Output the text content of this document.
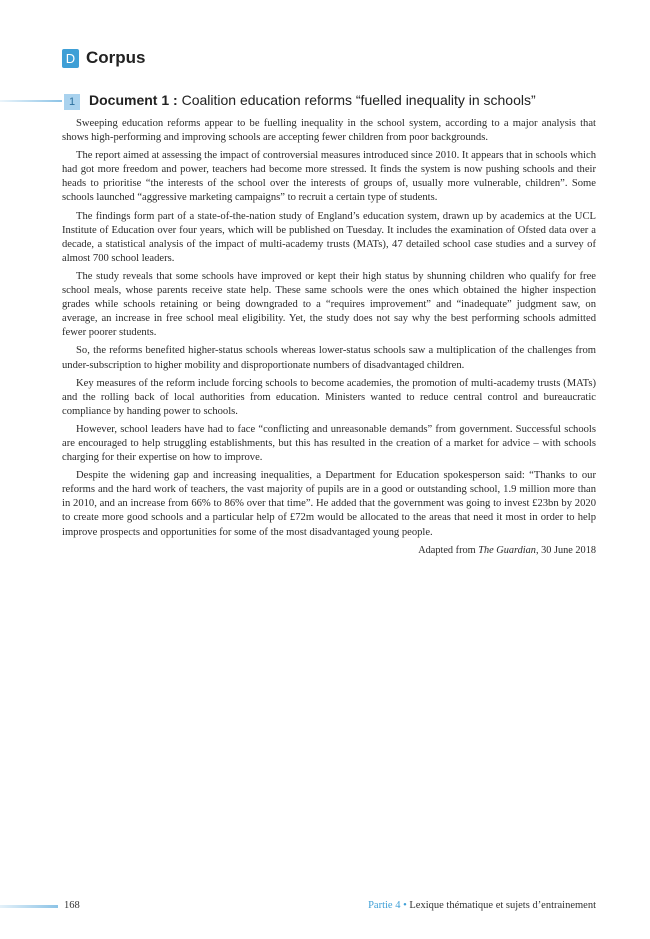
D Corpus
1 Document 1 : Coalition education reforms “fuelled inequality in schools”

Sweeping education reforms appear to be fuelling inequality in the school system, according to a major analysis that shows high-performing and improving schools are accepting fewer children from poor backgrounds.

The report aimed at assessing the impact of controversial measures introduced since 2010. It appears that in schools which had got more freedom and power, teachers had become more stressed. It finds the system is now pushing schools and their heads to prioritise “the interests of the school over the interests of groups of, usually more vulnerable, children”. Some schools launched “aggressive marketing campaigns” to recruit a certain type of students.

The findings form part of a state-of-the-nation study of England’s education system, drawn up by academics at the UCL Institute of Education over four years, which will be published on Tuesday. It includes the examination of Ofsted data over a decade, a statistical analysis of the impact of multi-academy trusts (MATs), 47 detailed school case studies and a survey of almost 700 school leaders.

The study reveals that some schools have improved or kept their high status by shunning children who qualify for free school meals, whose parents receive state help. These same schools were the ones which obtained the higher inspection grades while schools retaining or being downgraded to a “requires improvement” and “inadequate” judgment saw, on average, an increase in free school meal eligibility. Yet, the study does not say why the best performing schools admitted fewer poorer students.

So, the reforms benefited higher-status schools whereas lower-status schools saw a multiplication of the challenges from under-subscription to higher mobility and disproportionate numbers of disadvantaged children.

Key measures of the reform include forcing schools to become academies, the promotion of multi-academy trusts (MATs) and the rolling back of local authorities from education. Ministers wanted to reduce central control and bureaucratic compliance by handing power to schools.

However, school leaders have had to face “conflicting and unreasonable demands” from government. Successful schools are encouraged to help struggling establishments, but this has resulted in the creation of a market for advice – with schools charging for their expertise on how to improve.

Despite the widening gap and increasing inequalities, a Department for Education spokesperson said: “Thanks to our reforms and the hard work of teachers, the vast majority of pupils are in a good or outstanding school, 1.9 million more than in 2010, and an increase from 66% to 86% over that time”. He added that the government was going to invest £23bn by 2020 to create more good schools and a particular help of £72m would be allocated to the areas that need it most in order to help improve prospects and opportunities for some of the most disadvantaged young people.

Adapted from The Guardian, 30 June 2018
168	Partie 4 • Lexique thématique et sujets d’entrainement
